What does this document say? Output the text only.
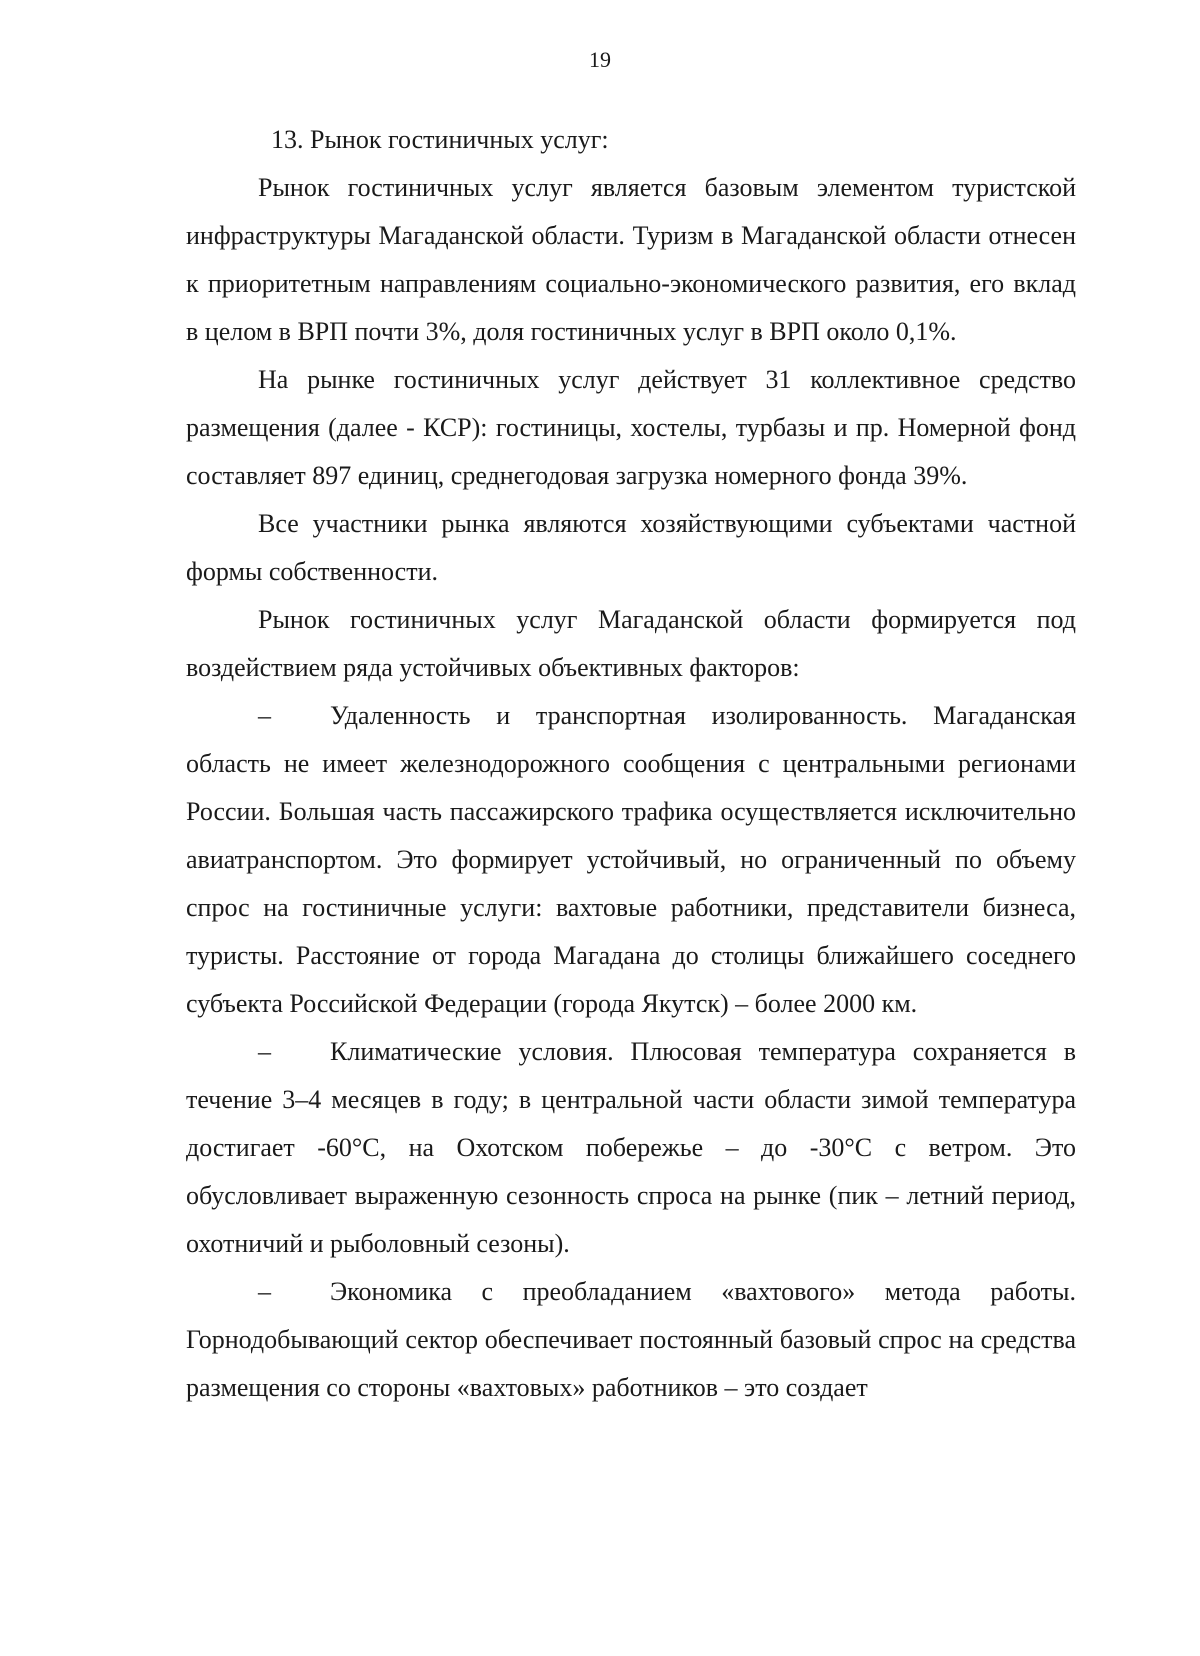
19

13. Рынок гостиничных услуг:

Рынок гостиничных услуг является базовым элементом туристской инфраструктуры Магаданской области. Туризм в Магаданской области отнесен к приоритетным направлениям социально-экономического развития, его вклад в целом в ВРП почти 3%, доля гостиничных услуг в ВРП около 0,1%.

На рынке гостиничных услуг действует 31 коллективное средство размещения (далее - КСР): гостиницы, хостелы, турбазы и пр. Номерной фонд составляет 897 единиц, среднегодовая загрузка номерного фонда 39%.

Все участники рынка являются хозяйствующими субъектами частной формы собственности.

Рынок гостиничных услуг Магаданской области формируется под воздействием ряда устойчивых объективных факторов:

– Удаленность и транспортная изолированность. Магаданская область не имеет железнодорожного сообщения с центральными регионами России. Большая часть пассажирского трафика осуществляется исключительно авиатранспортом. Это формирует устойчивый, но ограниченный по объему спрос на гостиничные услуги: вахтовые работники, представители бизнеса, туристы. Расстояние от города Магадана до столицы ближайшего соседнего субъекта Российской Федерации (города Якутск) – более 2000 км.

– Климатические условия. Плюсовая температура сохраняется в течение 3–4 месяцев в году; в центральной части области зимой температура достигает -60°С, на Охотском побережье – до -30°С с ветром. Это обусловливает выраженную сезонность спроса на рынке (пик – летний период, охотничий и рыболовный сезоны).

– Экономика с преобладанием «вахтового» метода работы. Горнодобывающий сектор обеспечивает постоянный базовый спрос на средства размещения со стороны «вахтовых» работников – это создает
